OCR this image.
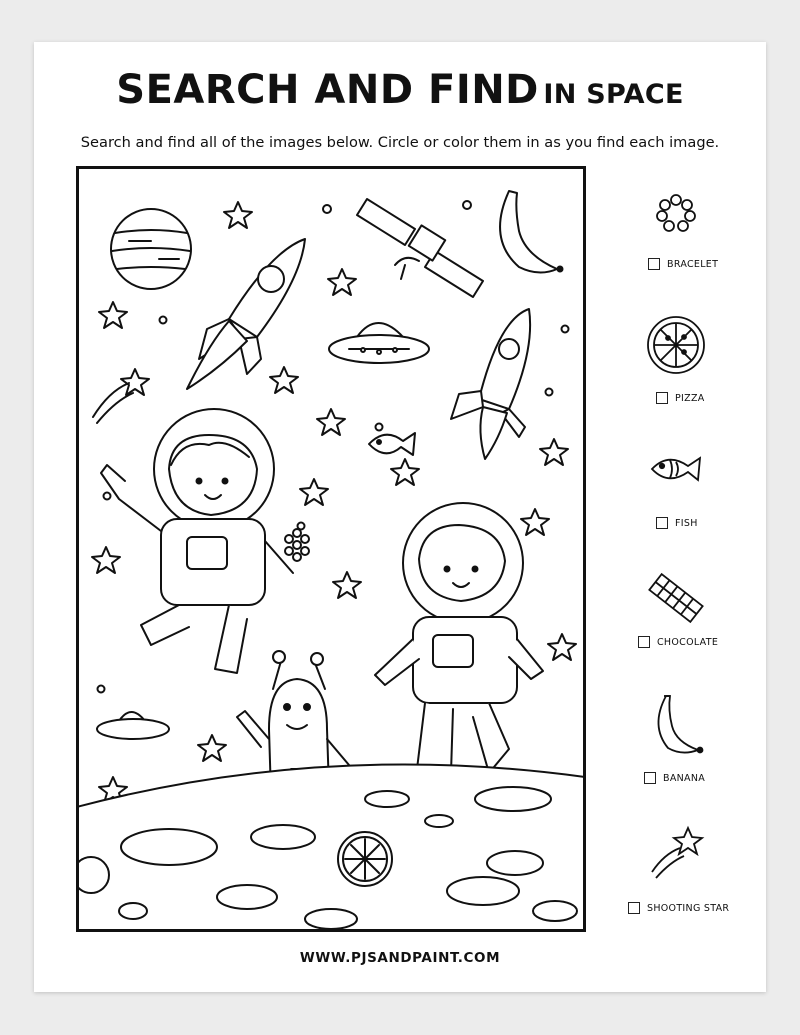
SEARCH AND FIND IN SPACE
Search and find all of the images below. Circle or color them in as you find each image.
BRACELET
PIZZA
FISH
CHOCOLATE
BANANA
SHOOTING STAR
WWW.PJSANDPAINT.COM
